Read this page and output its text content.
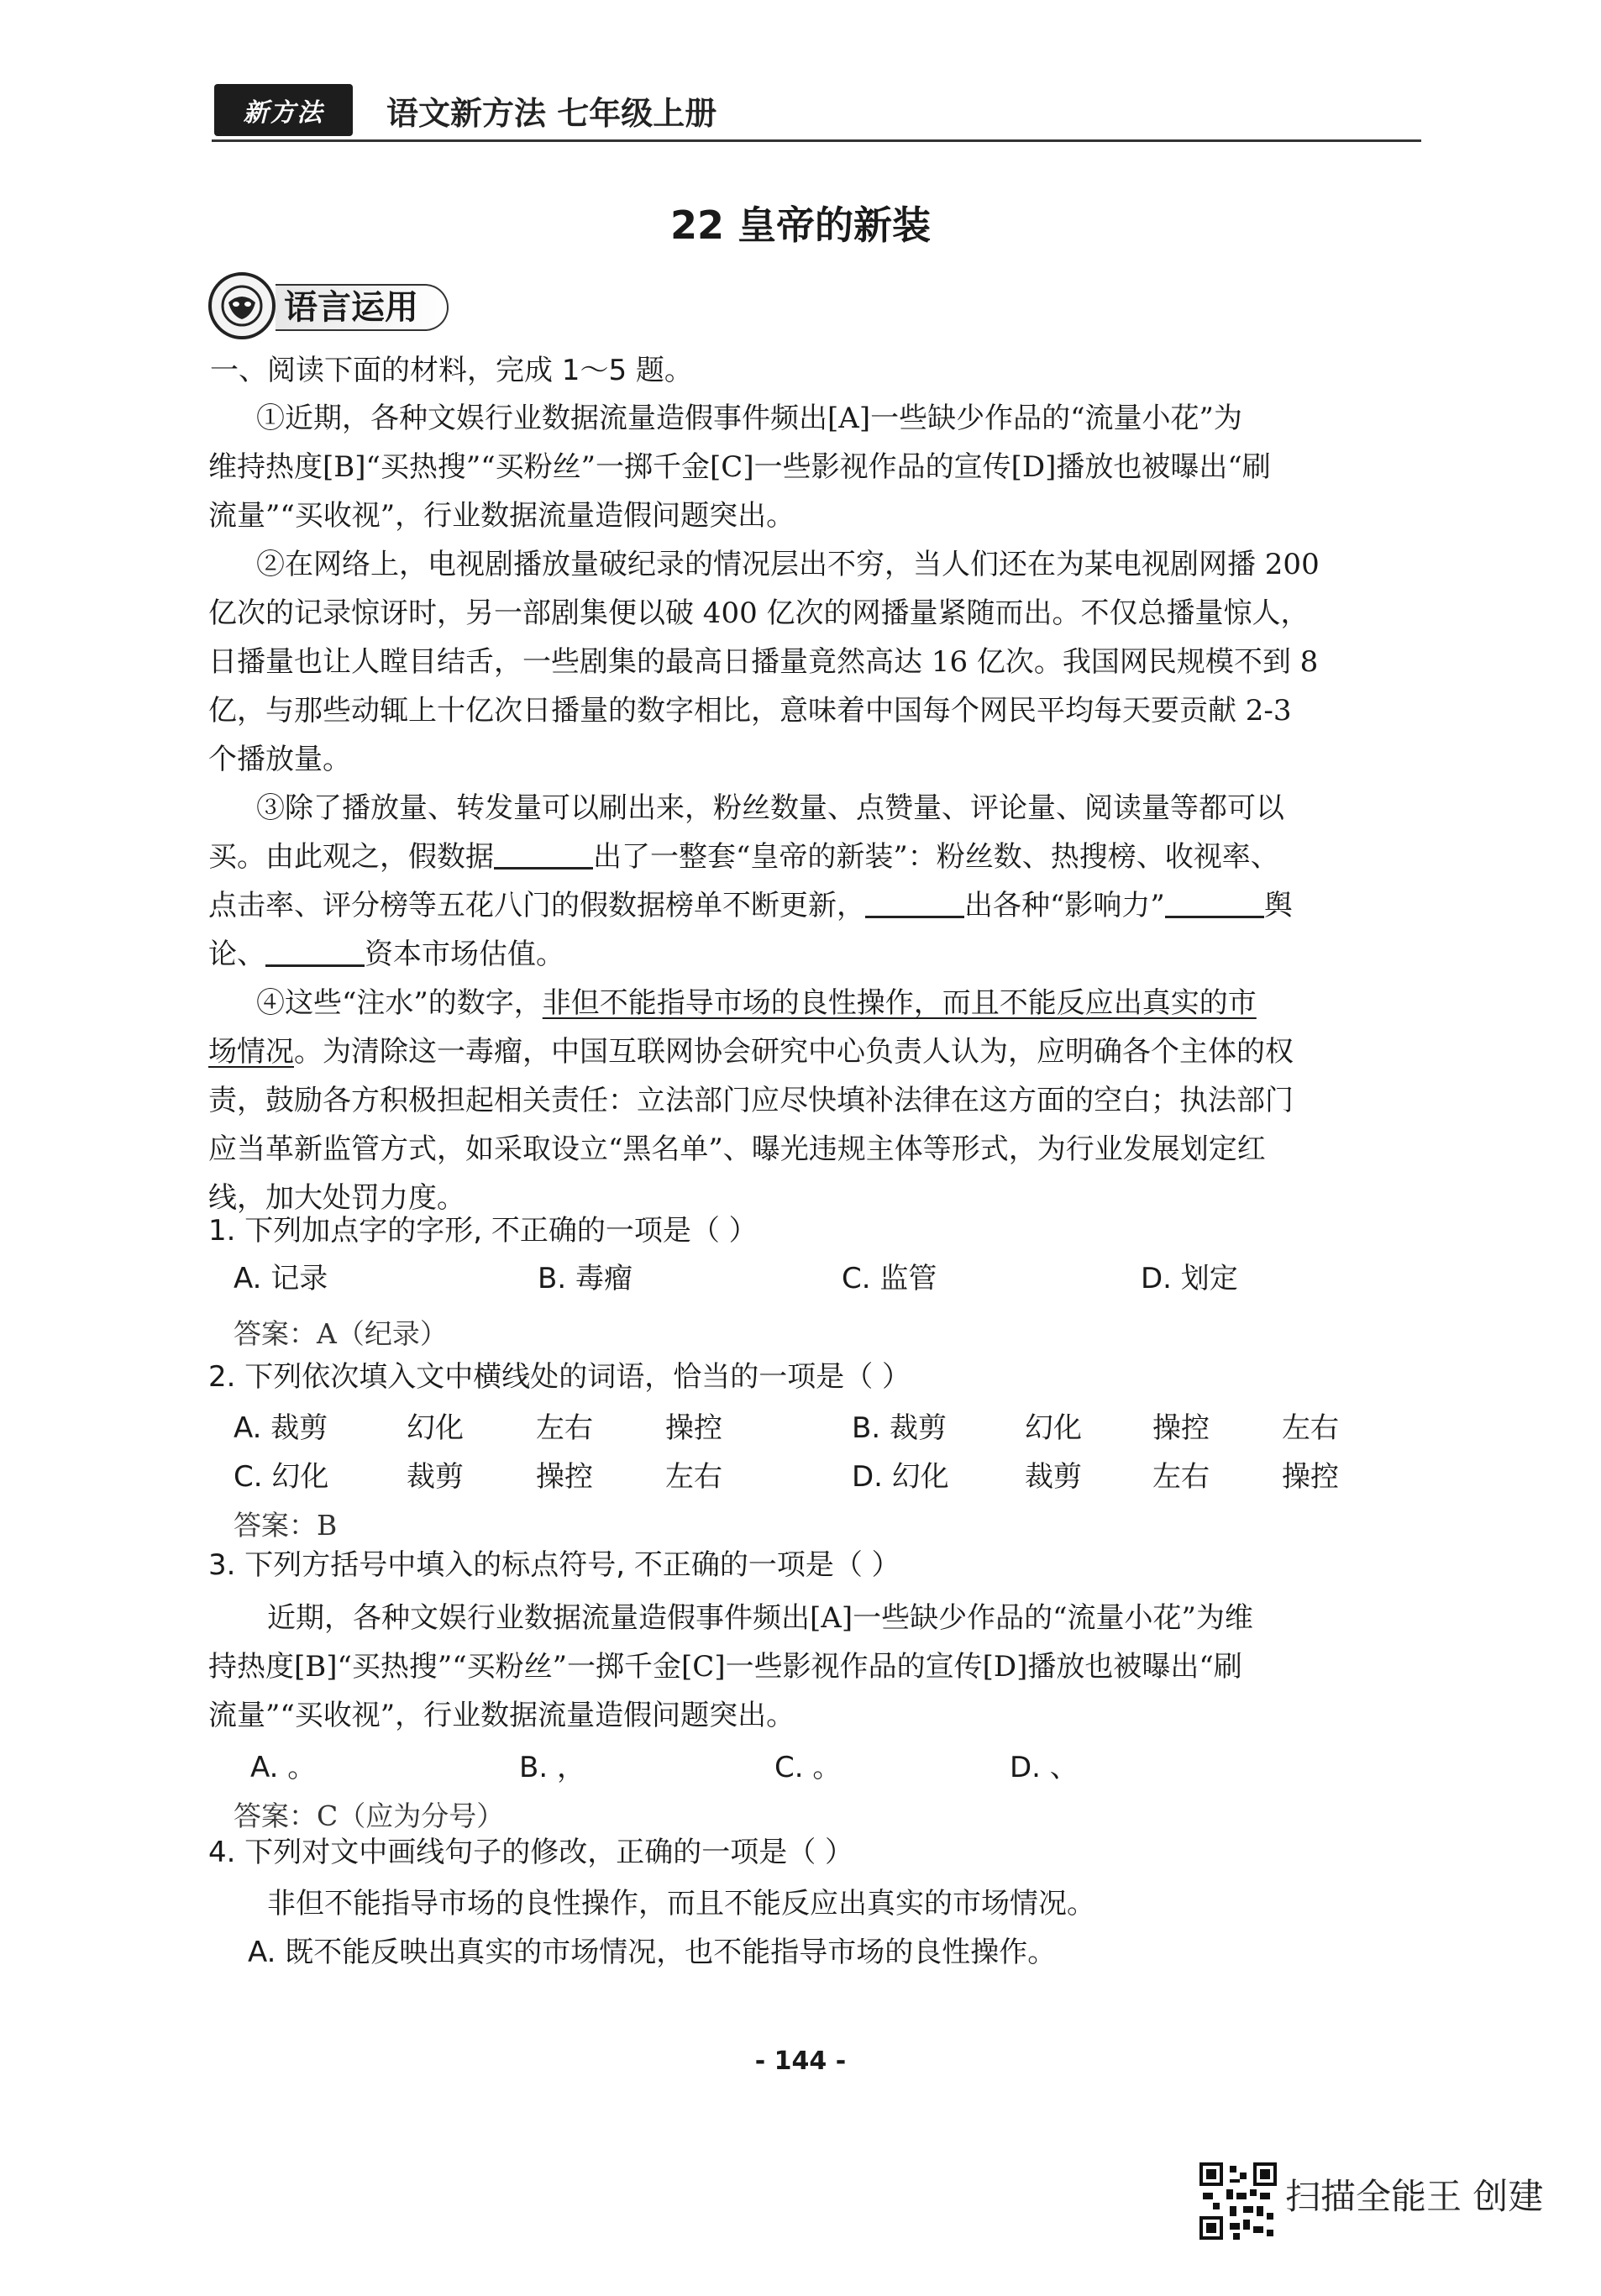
新方法 语文新方法 七年级上册
22 皇帝的新装
语言运用
一、阅读下面的材料，完成 1～5 题。
①近期，各种文娱行业数据流量造假事件频出[A]一些缺少作品的“流量小花”为
维持热度[B]“买热搜”“买粉丝”一掷千金[C]一些影视作品的宣传[D]播放也被曝出“刷
流量”“买收视”，行业数据流量造假问题突出。
②在网络上，电视剧播放量破纪录的情况层出不穷，当人们还在为某电视剧网播 200
亿次的记录惊讶时，另一部剧集便以破 400 亿次的网播量紧随而出。不仅总播量惊人，
日播量也让人瞠目结舌，一些剧集的最高日播量竟然高达 16 亿次。我国网民规模不到 8
亿，与那些动辄上十亿次日播量的数字相比，意味着中国每个网民平均每天要贡献 2-3
个播放量。
③除了播放量、转发量可以刷出来，粉丝数量、点赞量、评论量、阅读量等都可以
买。由此观之，假数据	出了一整套“皇帝的新装”：粉丝数、热搜榜、收视率、
点击率、评分榜等五花八门的假数据榜单不断更新，	出各种“影响力”	舆
论、	资本市场估值。
④这些“注水”的数字，非但不能指导市场的良性操作，而且不能反应出真实的市
场情况。为清除这一毒瘤，中国互联网协会研究中心负责人认为，应明确各个主体的权
责，鼓励各方积极担起相关责任：立法部门应尽快填补法律在这方面的空白；执法部门
应当革新监管方式，如采取设立“黑名单”、曝光违规主体等形式，为行业发展划定红
线，加大处罚力度。
1. 下列加点字的字形, 不正确的一项是（ ）
A. 记录	B. 毒瘤	C. 监管	D. 划定
答案：A（纪录）
2. 下列依次填入文中横线处的词语，恰当的一项是（ ）
A. 裁剪	幻化	左右	操控	B. 裁剪	幻化 操控	左右
C. 幻化	裁剪	操控	左右	D. 幻化	裁剪 左右	操控
答案：B
3. 下列方括号中填入的标点符号, 不正确的一项是（ ）
近期，各种文娱行业数据流量造假事件频出[A]一些缺少作品的“流量小花”为维
持热度[B]“买热搜”“买粉丝”一掷千金[C]一些影视作品的宣传[D]播放也被曝出“刷
流量”“买收视”，行业数据流量造假问题突出。
A. 。	B. ，	C. 。	D. 、
答案：C（应为分号）
4. 下列对文中画线句子的修改，正确的一项是（ ）
非但不能指导市场的良性操作，而且不能反应出真实的市场情况。
A. 既不能反映出真实的市场情况，也不能指导市场的良性操作。
- 144 -
扫描全能王 创建
